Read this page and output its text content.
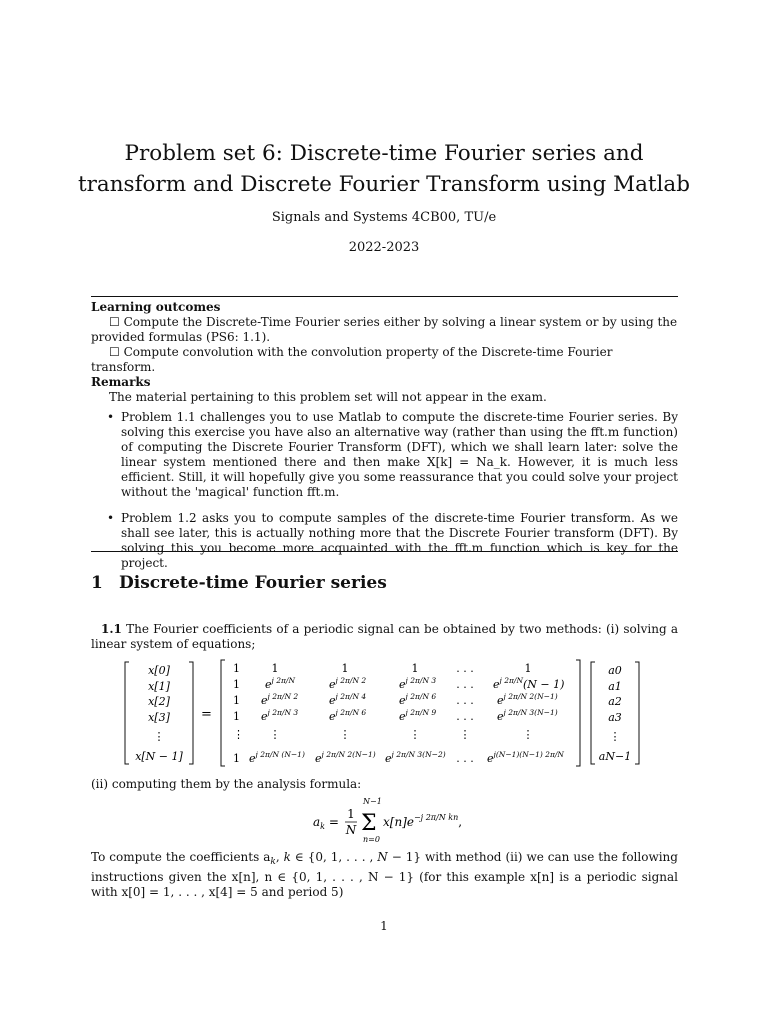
Problem set 6: Discrete-time Fourier series and
transform and Discrete Fourier Transform using Matlab
Signals and Systems 4CB00, TU/e
2022-2023
Learning outcomes
☐ Compute the Discrete-Time Fourier series either by solving a linear system or by using the provided formulas (PS6: 1.1).
☐ Compute convolution with the convolution property of the Discrete-time Fourier transform.
Remarks
The material pertaining to this problem set will not appear in the exam.
• Problem 1.1 challenges you to use Matlab to compute the discrete-time Fourier series. By solving this exercise you have also an alternative way (rather than using the fft.m function) of computing the Discrete Fourier Transform (DFT), which we shall learn later: solve the linear system mentioned there and then make X[k] = Na_k. However, it is much less efficient. Still, it will hopefully give you some reassurance that you could solve your project without the 'magical' function fft.m.
• Problem 1.2 asks you to compute samples of the discrete-time Fourier transform. As we shall see later, this is actually nothing more that the Discrete Fourier transform (DFT). By solving this you become more acquainted with the fft.m function which is key for the project.
1 Discrete-time Fourier series
1.1 The Fourier coefficients of a periodic signal can be obtained by two methods: (i) solving a linear system of equations;
x[0]
x[1]
x[2]
x[3]
⋮
x[N − 1]
=
1
1
1
1
⋮
1
1
$e^{j 2\pi/N}$
$e^{j 2\pi/N 2}$
$e^{j 2\pi/N 3}$
⋮
$e^{j 2\pi/N (N-1)}$
1
$e^{j 2\pi/N 2}$
$e^{j 2\pi/N 4}$
$e^{j 2\pi/N 6}$
⋮
$e^{j 2\pi/N 2(N-1)}$
1
$e^{j 2\pi/N 3}$
$e^{j 2\pi/N 6}$
$e^{j 2\pi/N 9}$
⋮
$e^{j 2\pi/N 3(N-2)}$
. . .
. . .
. . .
. . .
⋮
. . .
1
$e^{j 2\pi/N}(N - 1)$
$e^{j 2\pi/N 2(N-1)}$
$e^{j 2\pi/N 3(N-1)}$
⋮
$e^{j(N-1)(N-1) 2\pi/N}$
a0
a1
a2
a3
⋮
aN−1
(ii) computing them by the analysis formula:
$a_k$ =
1
N
N−1
Σ
n=0
$x[n]e^{-j 2\pi/N kn}$,
To compute the coefficients $a_k$, k ∈ {0, 1, . . . , N − 1} with method (ii) we can use the following instructions given the x[n], n ∈ {0, 1, . . . , N − 1} (for this example x[n] is a periodic signal with x[0] = 1, . . . , x[4] = 5 and period 5)
1
